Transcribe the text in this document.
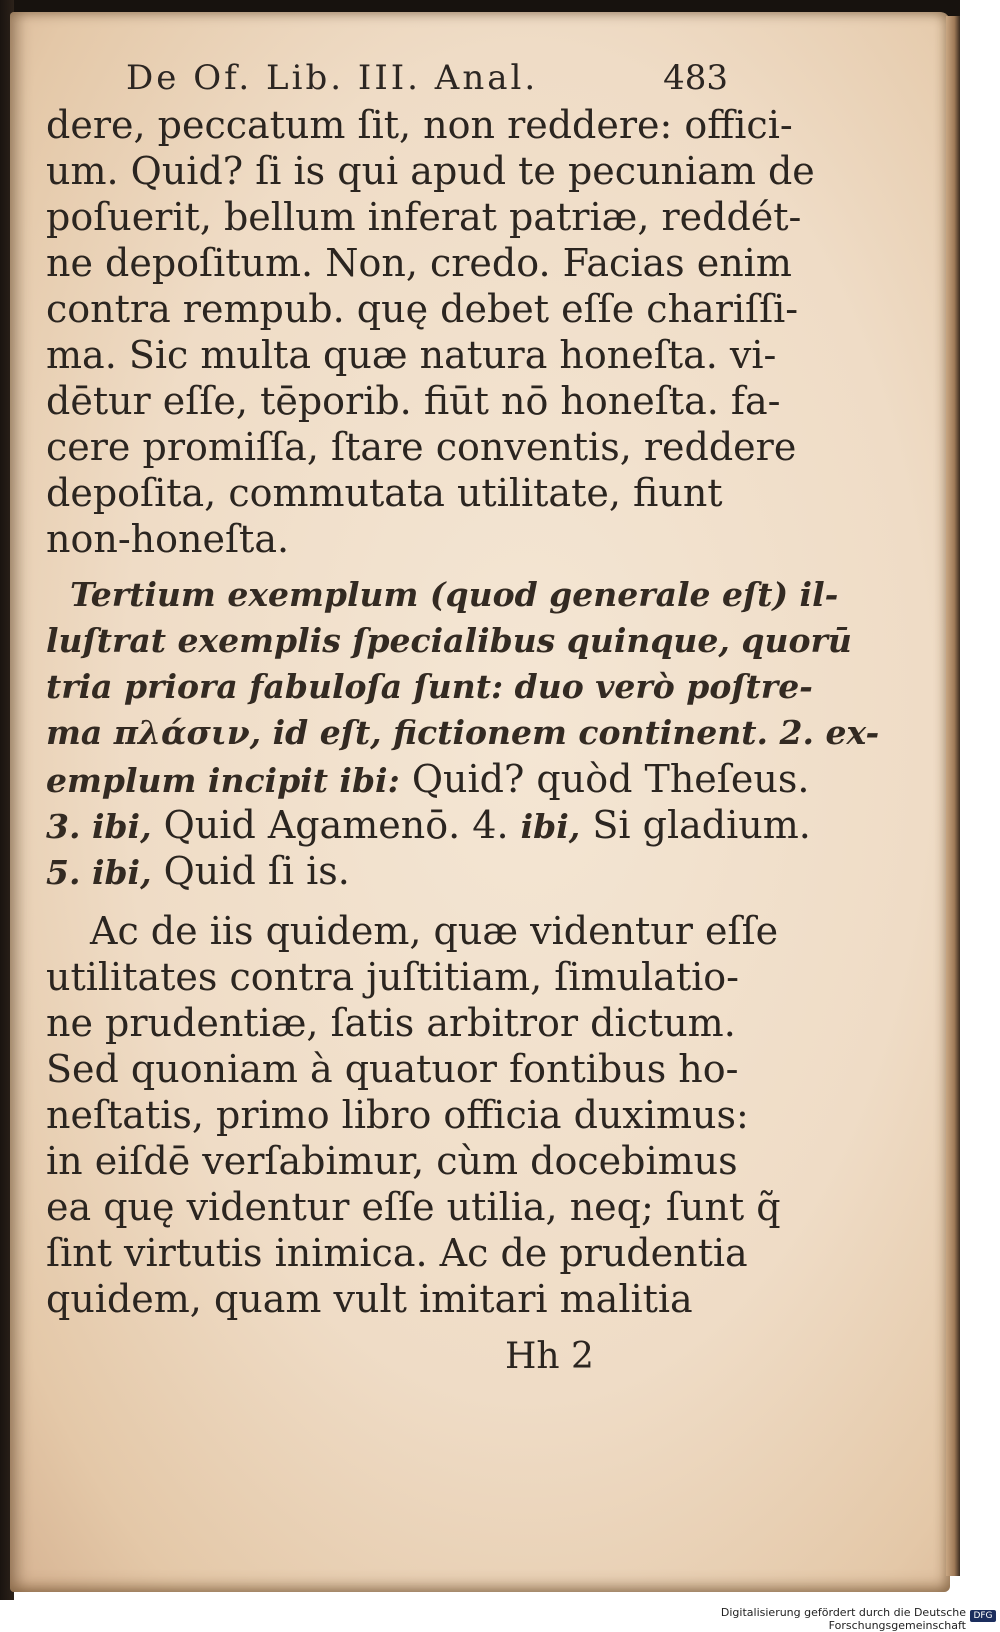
De Of. Lib. III. Anal.	483
dere, peccatum ſit, non reddere: offici-
um. Quid? ſi is qui apud te pecuniam de
poſuerit, bellum inferat patriæ, reddét-
ne depoſitum. Non, credo. Facias enim
contra rempub. quę debet eſſe chariſſi-
ma. Sic multa quæ natura honeſta. vi-
dētur eſſe, tēporib. fiūt nō honeſta. fa-
cere promiſſa, ſtare conventis, reddere
depoſita, commutata utilitate, fiunt
non-honeſta.
Tertium exemplum (quod generale eſt) il-
luſtrat exemplis ſpecialibus quinque, quorū
tria priora fabuloſa ſunt: duo verò poſtre-
ma πλάσιν, id eſt, fictionem continent. 2. ex-
emplum incipit ibi: Quid? quòd Theſeus.
3. ibi, Quid Agamenō. 4. ibi, Si gladium.
5. ibi, Quid ſi is.
Ac de iis quidem, quæ videntur eſſe
utilitates contra juſtitiam, ſimulatio-
ne prudentiæ, ſatis arbitror dictum.
Sed quoniam à quatuor fontibus ho-
neſtatis, primo libro officia duximus:
in eiſdē verſabimur, cùm docebimus
ea quę videntur eſſe utilia, neq; ſunt q̃
ſint virtutis inimica. Ac de prudentia
quidem, quam vult imitari malitia
Hh 2
Digitalisierung gefördert durch die Deutsche Forschungsgemeinschaft
DFG
